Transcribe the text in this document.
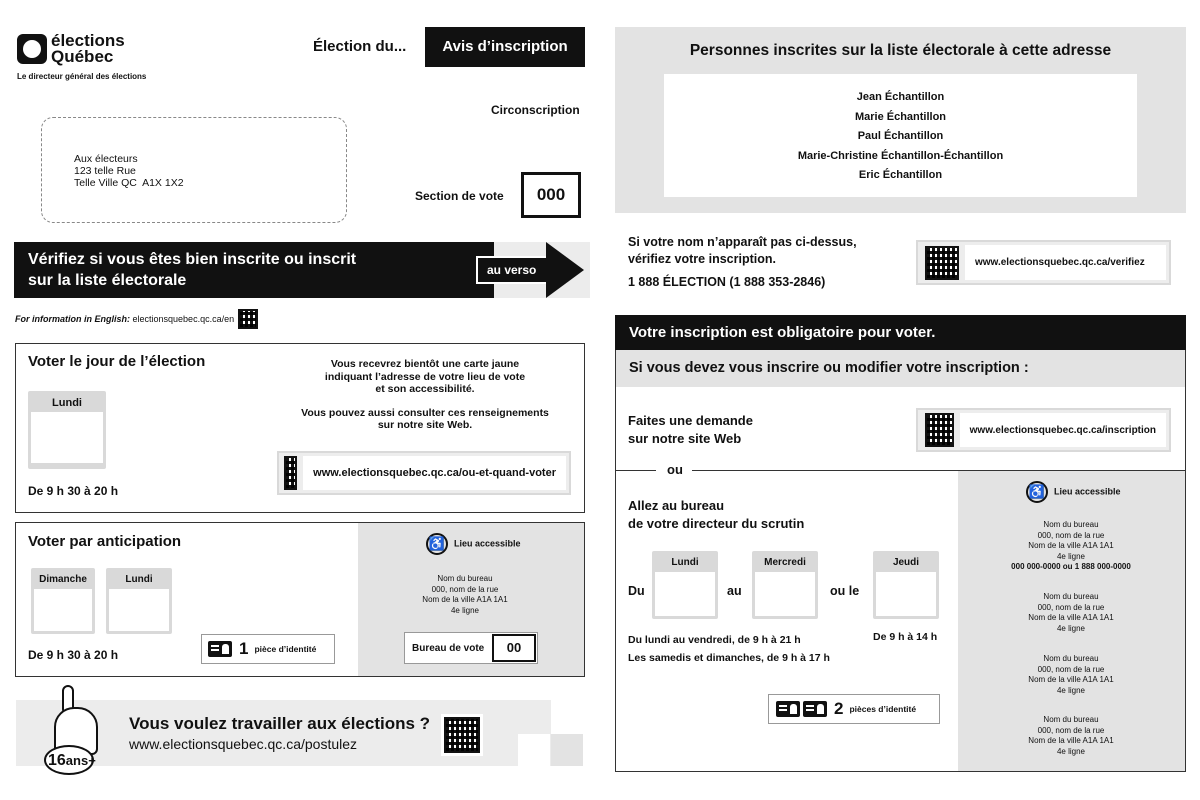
élections
Québec
Le directeur général des élections
Élection du...	Avis d’inscription
Circonscription
Aux électeurs
123 telle Rue
Telle Ville QC  A1X 1X2
Section de vote	000
Vérifiez si vous êtes bien inscrite ou inscrit
sur la liste électorale
au verso
For information in English: electionsquebec.qc.ca/en
Voter le jour de l’élection
Lundi
De 9 h 30 à 20 h
Vous recevrez bientôt une carte jaune
indiquant l’adresse de votre lieu de vote
et son accessibilité.
Vous pouvez aussi consulter ces renseignements
sur notre site Web.
www.electionsquebec.qc.ca/ou-et-quand-voter
Voter par anticipation
Dimanche	Lundi
De 9 h 30 à 20 h	1 pièce d’identité
♿ Lieu accessible
Nom du bureau
000, nom de la rue
Nom de la ville A1A 1A1
4e ligne
Bureau de vote	00
16ans+
Vous voulez travailler aux élections ?
www.electionsquebec.qc.ca/postulez
Personnes inscrites sur la liste électorale à cette adresse
Jean Échantillon
Marie Échantillon
Paul Échantillon
Marie-Christine Échantillon-Échantillon
Eric Échantillon
Si votre nom n’apparaît pas ci-dessus,
vérifiez votre inscription.
1 888 ÉLECTION (1 888 353-2846)
www.electionsquebec.qc.ca/verifiez
Votre inscription est obligatoire pour voter.
Si vous devez vous inscrire ou modifier votre inscription :
Faites une demande
sur notre site Web
www.electionsquebec.qc.ca/inscription
ou
Allez au bureau
de votre directeur du scrutin
Du
Lundi
au
Mercredi
ou le
Jeudi
Du lundi au vendredi, de 9 h à 21 h
Les samedis et dimanches, de 9 h à 17 h
De 9 h à 14 h
2 pièces d’identité
♿ Lieu accessible
Nom du bureau
000, nom de la rue
Nom de la ville A1A 1A1
4e ligne
000 000-0000 ou 1 888 000-0000
Nom du bureau
000, nom de la rue
Nom de la ville A1A 1A1
4e ligne
Nom du bureau
000, nom de la rue
Nom de la ville A1A 1A1
4e ligne
Nom du bureau
000, nom de la rue
Nom de la ville A1A 1A1
4e ligne
